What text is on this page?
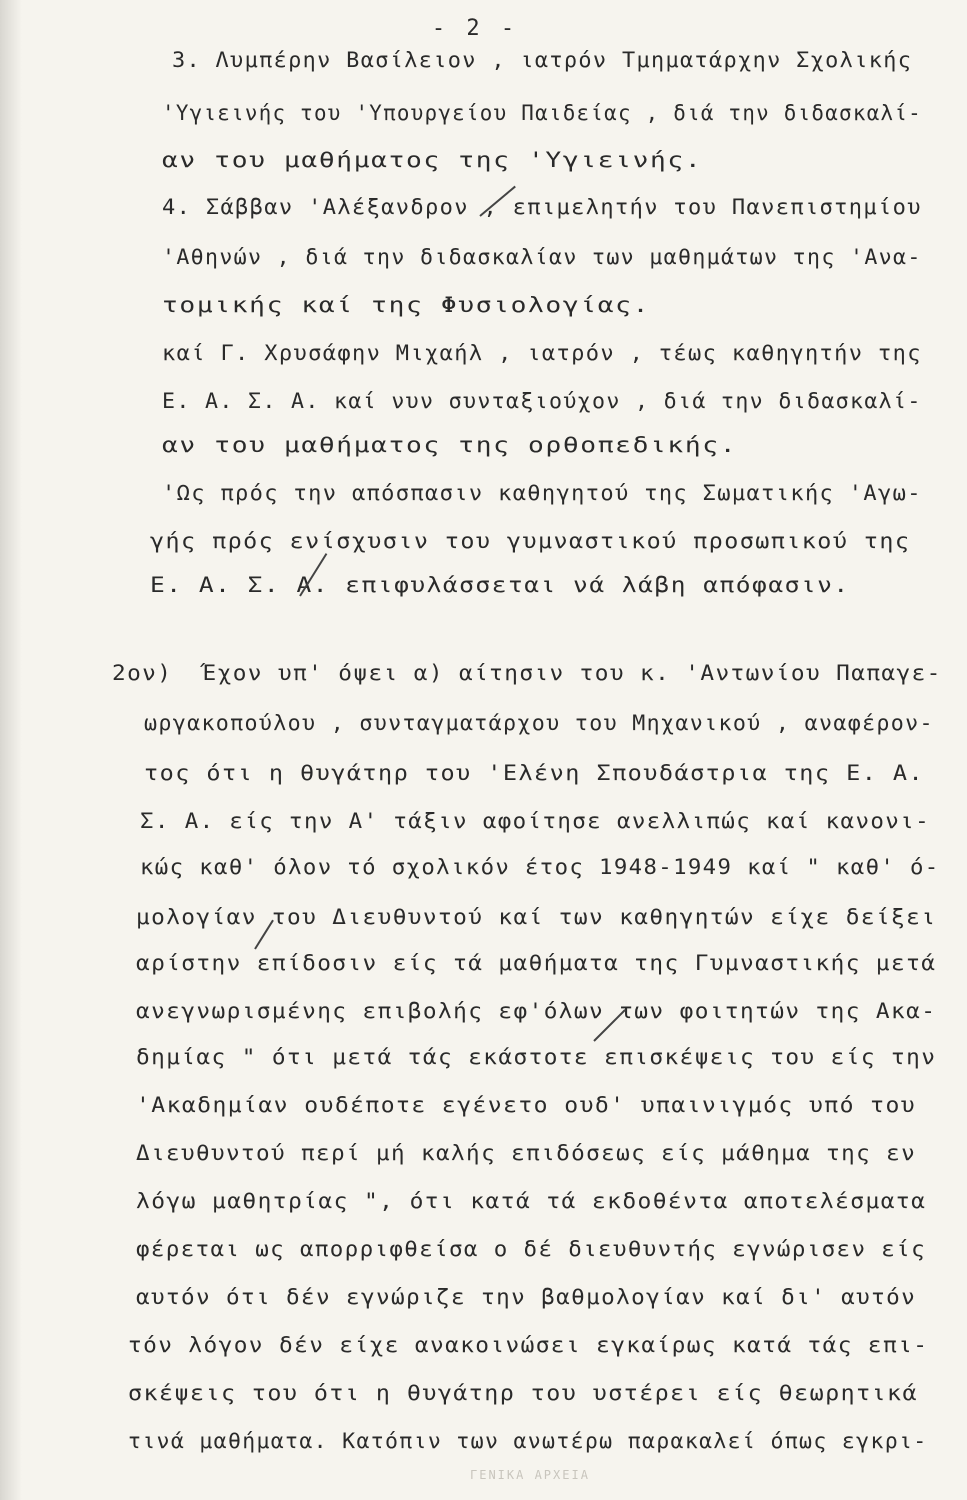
- 2 -
3. Λυμπέρην Βασίλειον , ιατρόν Τμηματάρχην Σχολικής
'Υγιεινής του 'Υπουργείου Παιδείας , διά την διδασκαλί-
αν του μαθήματος της 'Υγιεινής.
4. Σάββαν 'Αλέξανδρον , επιμελητήν του Πανεπιστημίου
'Αθηνών , διά την διδασκαλίαν των μαθημάτων της 'Ανα-
τομικής καί της Φυσιολογίας.
καί Γ. Χρυσάφην Μιχαήλ , ιατρόν , τέως καθηγητήν της
Ε. Α. Σ. Α. καί νυν συνταξιούχον , διά την διδασκαλί-
αν του μαθήματος της ορθοπεδικής.
'Ως πρός την απόσπασιν καθηγητού της Σωματικής 'Αγω-
γής πρός ενίσχυσιν του γυμναστικού προσωπικού της
Ε. Α. Σ. Α. επιφυλάσσεται νά λάβη απόφασιν.
2ον)  Έχον υπ' όψει α) αίτησιν του κ. 'Αντωνίου Παπαγε-
ωργακοπούλου , συνταγματάρχου του Μηχανικού , αναφέρον-
τος ότι η θυγάτηρ του 'Ελένη Σπουδάστρια της Ε. Α.
Σ. Α. είς την Α' τάξιν αφοίτησε ανελλιπώς καί κανονι-
κώς καθ' όλον τό σχολικόν έτος 1948-1949 καί " καθ' ό-
μολογίαν του Διευθυντού καί των καθηγητών είχε δείξει
αρίστην επίδοσιν είς τά μαθήματα της Γυμναστικής μετά
ανεγνωρισμένης επιβολής εφ'όλων των φοιτητών της Ακα-
δημίας " ότι μετά τάς εκάστοτε επισκέψεις του είς την
'Ακαδημίαν ουδέποτε εγένετο ουδ' υπαινιγμός υπό του
Διευθυντού περί μή καλής επιδόσεως είς μάθημα της εν
λόγω μαθητρίας ", ότι κατά τά εκδοθέντα αποτελέσματα
φέρεται ως απορριφθείσα ο δέ διευθυντής εγνώρισεν είς
αυτόν ότι δέν εγνώριζε την βαθμολογίαν καί δι' αυτόν
τόν λόγον δέν είχε ανακοινώσει εγκαίρως κατά τάς επι-
σκέψεις του ότι η θυγάτηρ του υστέρει είς θεωρητικά
τινά μαθήματα. Κατόπιν των ανωτέρω παρακαλεί όπως εγκρι-
ΓΕΝΙΚΑ ΑΡΧΕΙΑ
